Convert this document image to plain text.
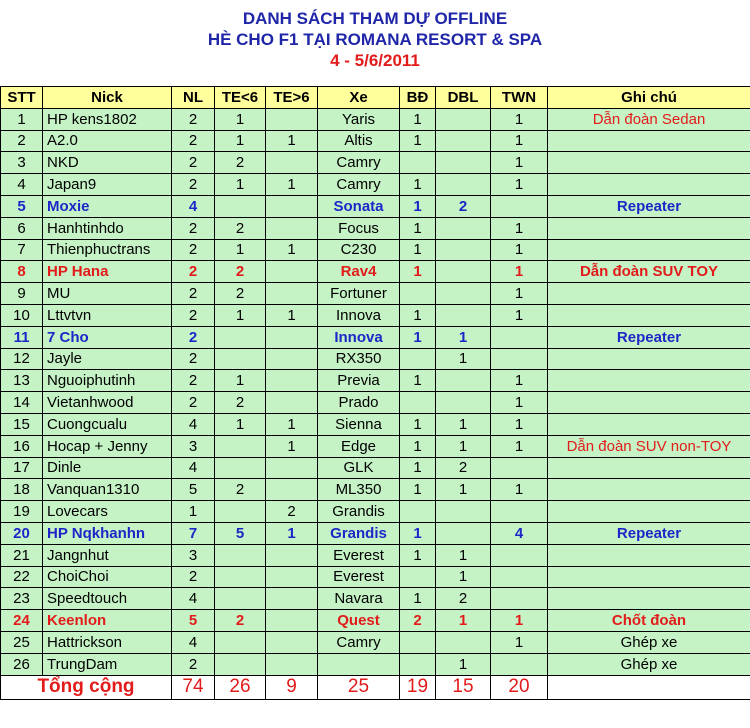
DANH SÁCH THAM DỰ OFFLINE
HÈ CHO F1 TẠI ROMANA RESORT & SPA
4 - 5/6/2011
STT	Nick	NL	TE<6	TE>6	Xe	BĐ	DBL	TWN	Ghi chú
1	HP kens1802	2	1		Yaris	1		1	Dẫn đoàn Sedan
2	A2.0	2	1	1	Altis	1		1	
3	NKD	2	2		Camry			1	
4	Japan9	2	1	1	Camry	1		1	
5	Moxie	4			Sonata	1	2		Repeater
6	Hanhtinhdo	2	2		Focus	1		1	
7	Thienphuctrans	2	1	1	C230	1		1	
8	HP Hana	2	2		Rav4	1		1	Dẫn đoàn SUV TOY
9	MU	2	2		Fortuner			1	
10	Lttvtvn	2	1	1	Innova	1		1	
11	7 Cho	2			Innova	1	1		Repeater
12	Jayle	2			RX350		1		
13	Nguoiphutinh	2	1		Previa	1		1	
14	Vietanhwood	2	2		Prado			1	
15	Cuongcualu	4	1	1	Sienna	1	1	1	
16	Hocap + Jenny	3		1	Edge	1	1	1	Dẫn đoàn SUV non-TOY
17	Dinle	4			GLK	1	2		
18	Vanquan1310	5	2		ML350	1	1	1	
19	Lovecars	1		2	Grandis				
20	HP Nqkhanhn	7	5	1	Grandis	1		4	Repeater
21	Jangnhut	3			Everest	1	1		
22	ChoiChoi	2			Everest		1		
23	Speedtouch	4			Navara	1	2		
24	Keenlon	5	2		Quest	2	1	1	Chốt đoàn
25	Hattrickson	4			Camry			1	Ghép xe
26	TrungDam	2					1		Ghép xe
Tổng cộng		74	26	9	25	19	15	20	
